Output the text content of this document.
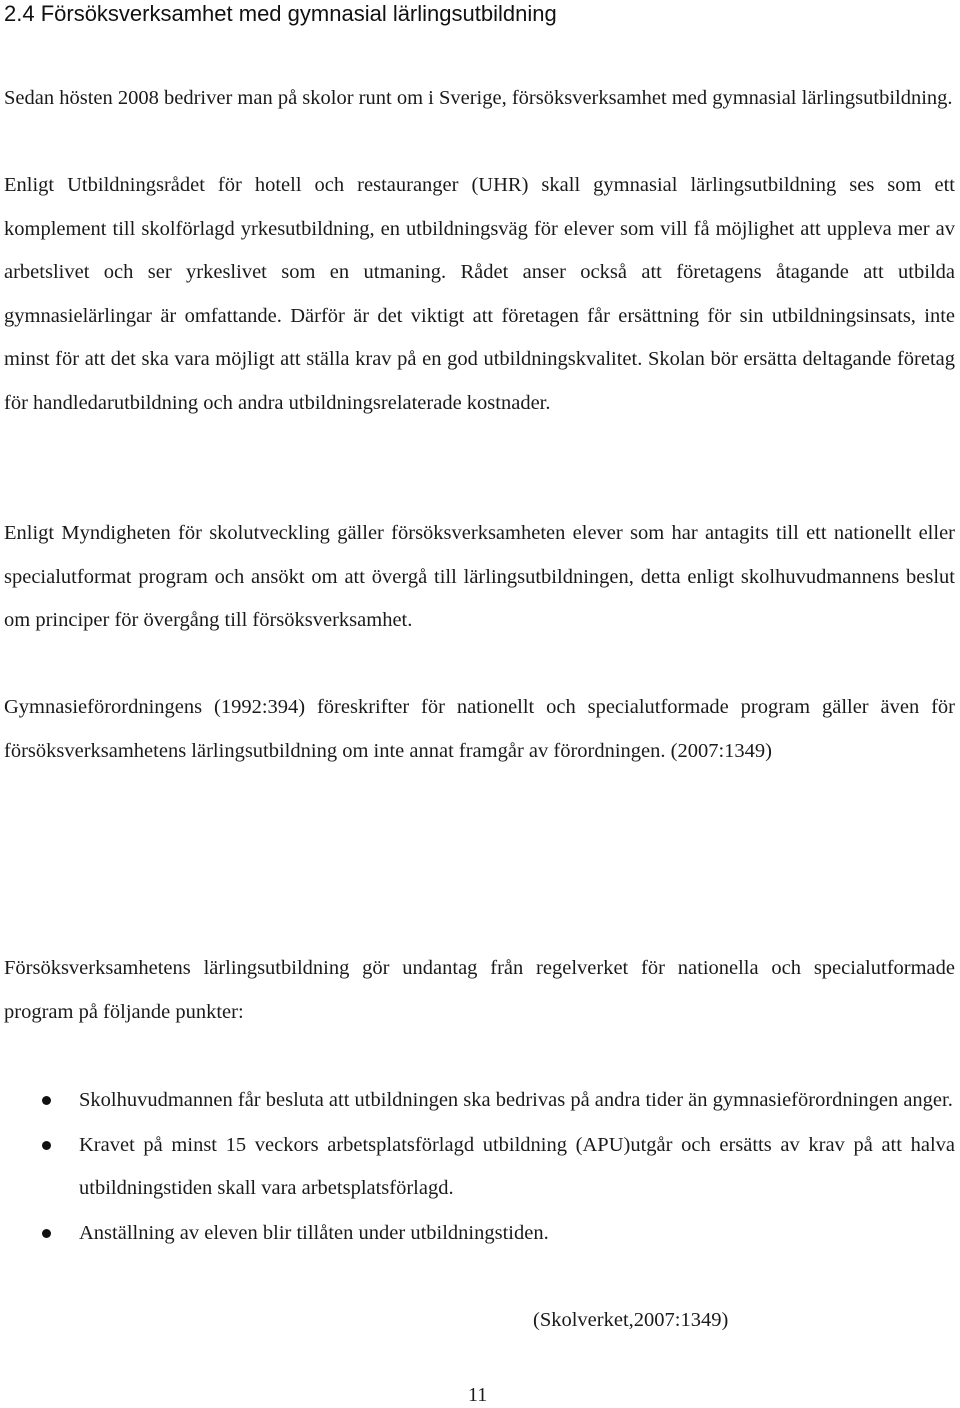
2.4 Försöksverksamhet med gymnasial lärlingsutbildning

Sedan hösten 2008 bedriver man på skolor runt om i Sverige, försöksverksamhet med gymnasial lärlingsutbildning.

Enligt Utbildningsrådet för hotell och restauranger (UHR) skall gymnasial lärlingsutbildning ses som ett komplement till skolförlagd yrkesutbildning, en utbildningsväg för elever som vill få möjlighet att uppleva mer av arbetslivet och ser yrkeslivet som en utmaning. Rådet anser också att företagens åtagande att utbilda gymnasielärlingar är omfattande. Därför är det viktigt att företagen får ersättning för sin utbildningsinsats, inte minst för att det ska vara möjligt att ställa krav på en god utbildningskvalitet. Skolan bör ersätta deltagande företag för handledarutbildning och andra utbildningsrelaterade kostnader.

Enligt Myndigheten för skolutveckling gäller försöksverksamheten elever som har antagits till ett nationellt eller specialutformat program och ansökt om att övergå till lärlingsutbildningen, detta enligt skolhuvudmannens beslut om principer för övergång till försöksverksamhet.

Gymnasieförordningens (1992:394) föreskrifter för nationellt och specialutformade program gäller även för försöksverksamhetens lärlingsutbildning om inte annat framgår av förordningen. (2007:1349)

Försöksverksamhetens lärlingsutbildning gör undantag från regelverket för nationella och specialutformade program på följande punkter:

Skolhuvudmannen får besluta att utbildningen ska bedrivas på andra tider än gymnasieförordningen anger.
Kravet på minst 15 veckors arbetsplatsförlagd utbildning (APU)utgår och ersätts av krav på att halva utbildningstiden skall vara arbetsplatsförlagd.
Anställning av eleven blir tillåten under utbildningstiden.
(Skolverket,2007:1349)
11
